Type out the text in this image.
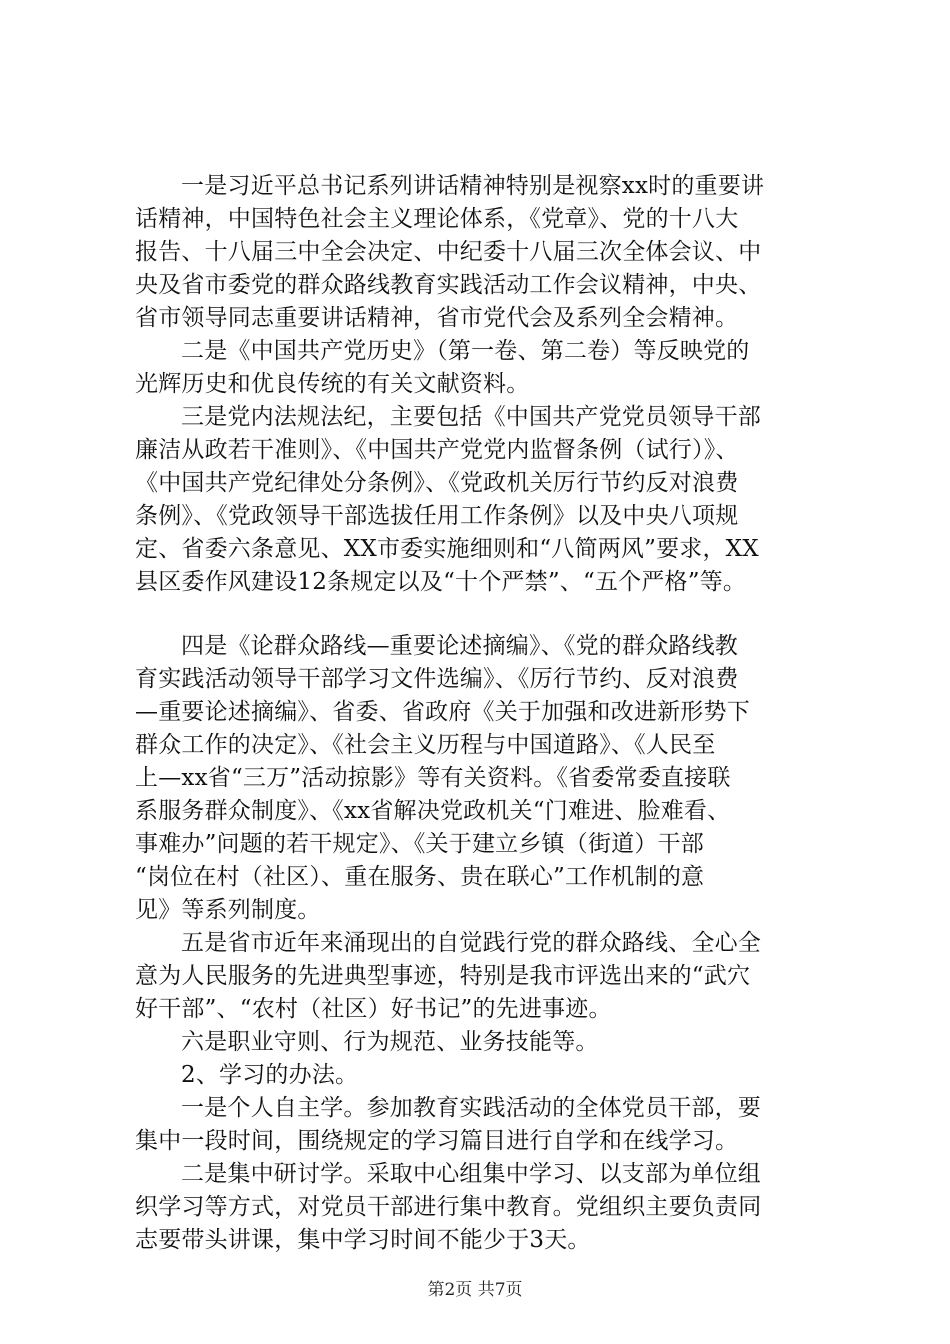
一是习近平总书记系列讲话精神特别是视察xx时的重要讲
话精神，中国特色社会主义理论体系，《党章》、党的十八大
报告、十八届三中全会决定、中纪委十八届三次全体会议、中
央及省市委党的群众路线教育实践活动工作会议精神，中央、
省市领导同志重要讲话精神，省市党代会及系列全会精神。
二是《中国共产党历史》（第一卷、第二卷）等反映党的
光辉历史和优良传统的有关文献资料。
三是党内法规法纪，主要包括《中国共产党党员领导干部
廉洁从政若干准则》、《中国共产党党内监督条例（试行）》、
《中国共产党纪律处分条例》、《党政机关厉行节约反对浪费
条例》、《党政领导干部选拔任用工作条例》以及中央八项规
定、省委六条意见、XX市委实施细则和“八简两风”要求，XX
县区委作风建设12条规定以及“十个严禁”、“五个严格”等。
四是《论群众路线—重要论述摘编》、《党的群众路线教
育实践活动领导干部学习文件选编》、《厉行节约、反对浪费
—重要论述摘编》、省委、省政府《关于加强和改进新形势下
群众工作的决定》、《社会主义历程与中国道路》、《人民至
上—xx省“三万”活动掠影》等有关资料。《省委常委直接联
系服务群众制度》、《xx省解决党政机关“门难进、脸难看、
事难办”问题的若干规定》、《关于建立乡镇（街道）干部
“岗位在村（社区）、重在服务、贵在联心”工作机制的意
见》等系列制度。
五是省市近年来涌现出的自觉践行党的群众路线、全心全
意为人民服务的先进典型事迹，特别是我市评选出来的“武穴
好干部”、“农村（社区）好书记”的先进事迹。
六是职业守则、行为规范、业务技能等。
2、学习的办法。
一是个人自主学。参加教育实践活动的全体党员干部，要
集中一段时间，围绕规定的学习篇目进行自学和在线学习。
二是集中研讨学。采取中心组集中学习、以支部为单位组
织学习等方式，对党员干部进行集中教育。党组织主要负责同
志要带头讲课，集中学习时间不能少于3天。
第2页 共7页
